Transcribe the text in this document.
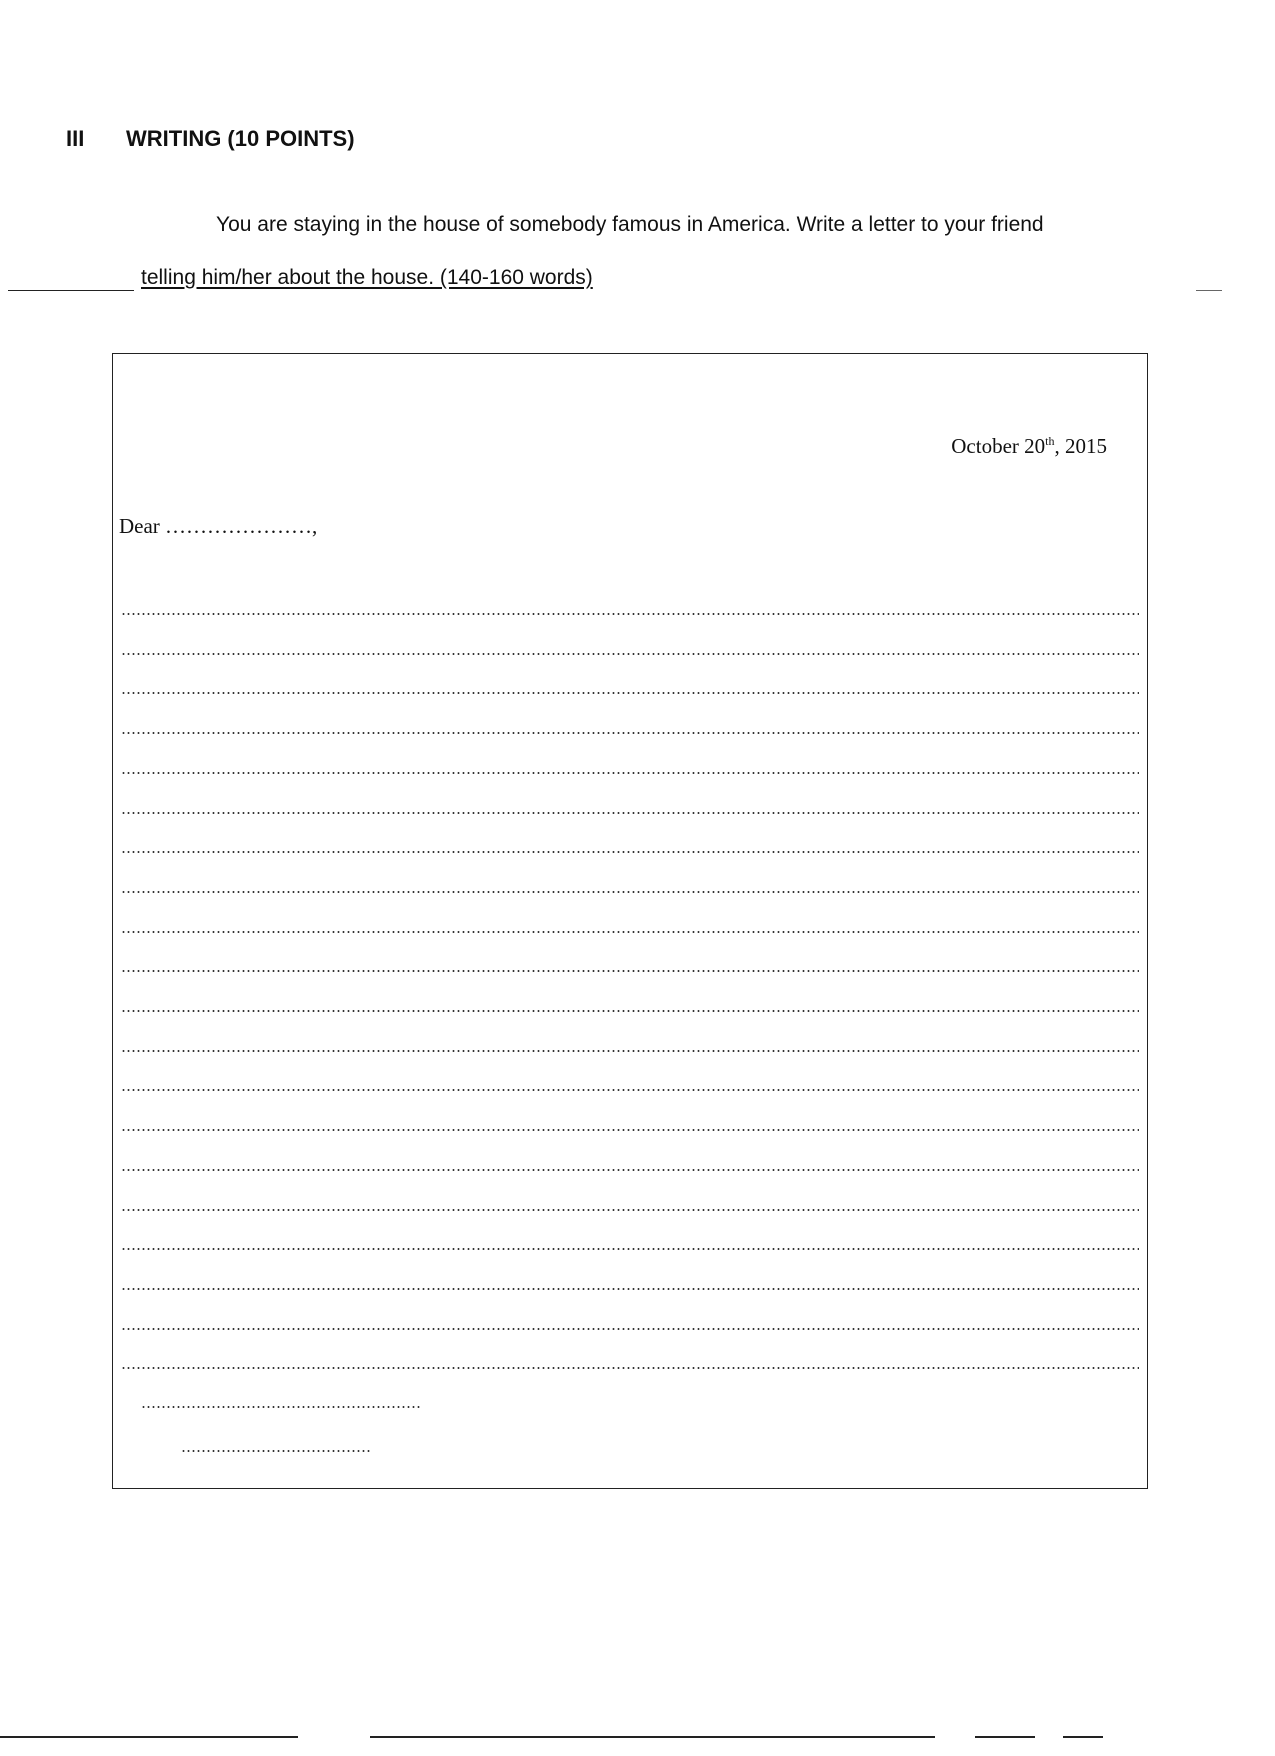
III WRITING (10 POINTS)
You are staying in the house of somebody famous in America. Write a letter to your friend
telling him/her about the house. (140-160 words)
October 20th, 2015
Dear …………………,
